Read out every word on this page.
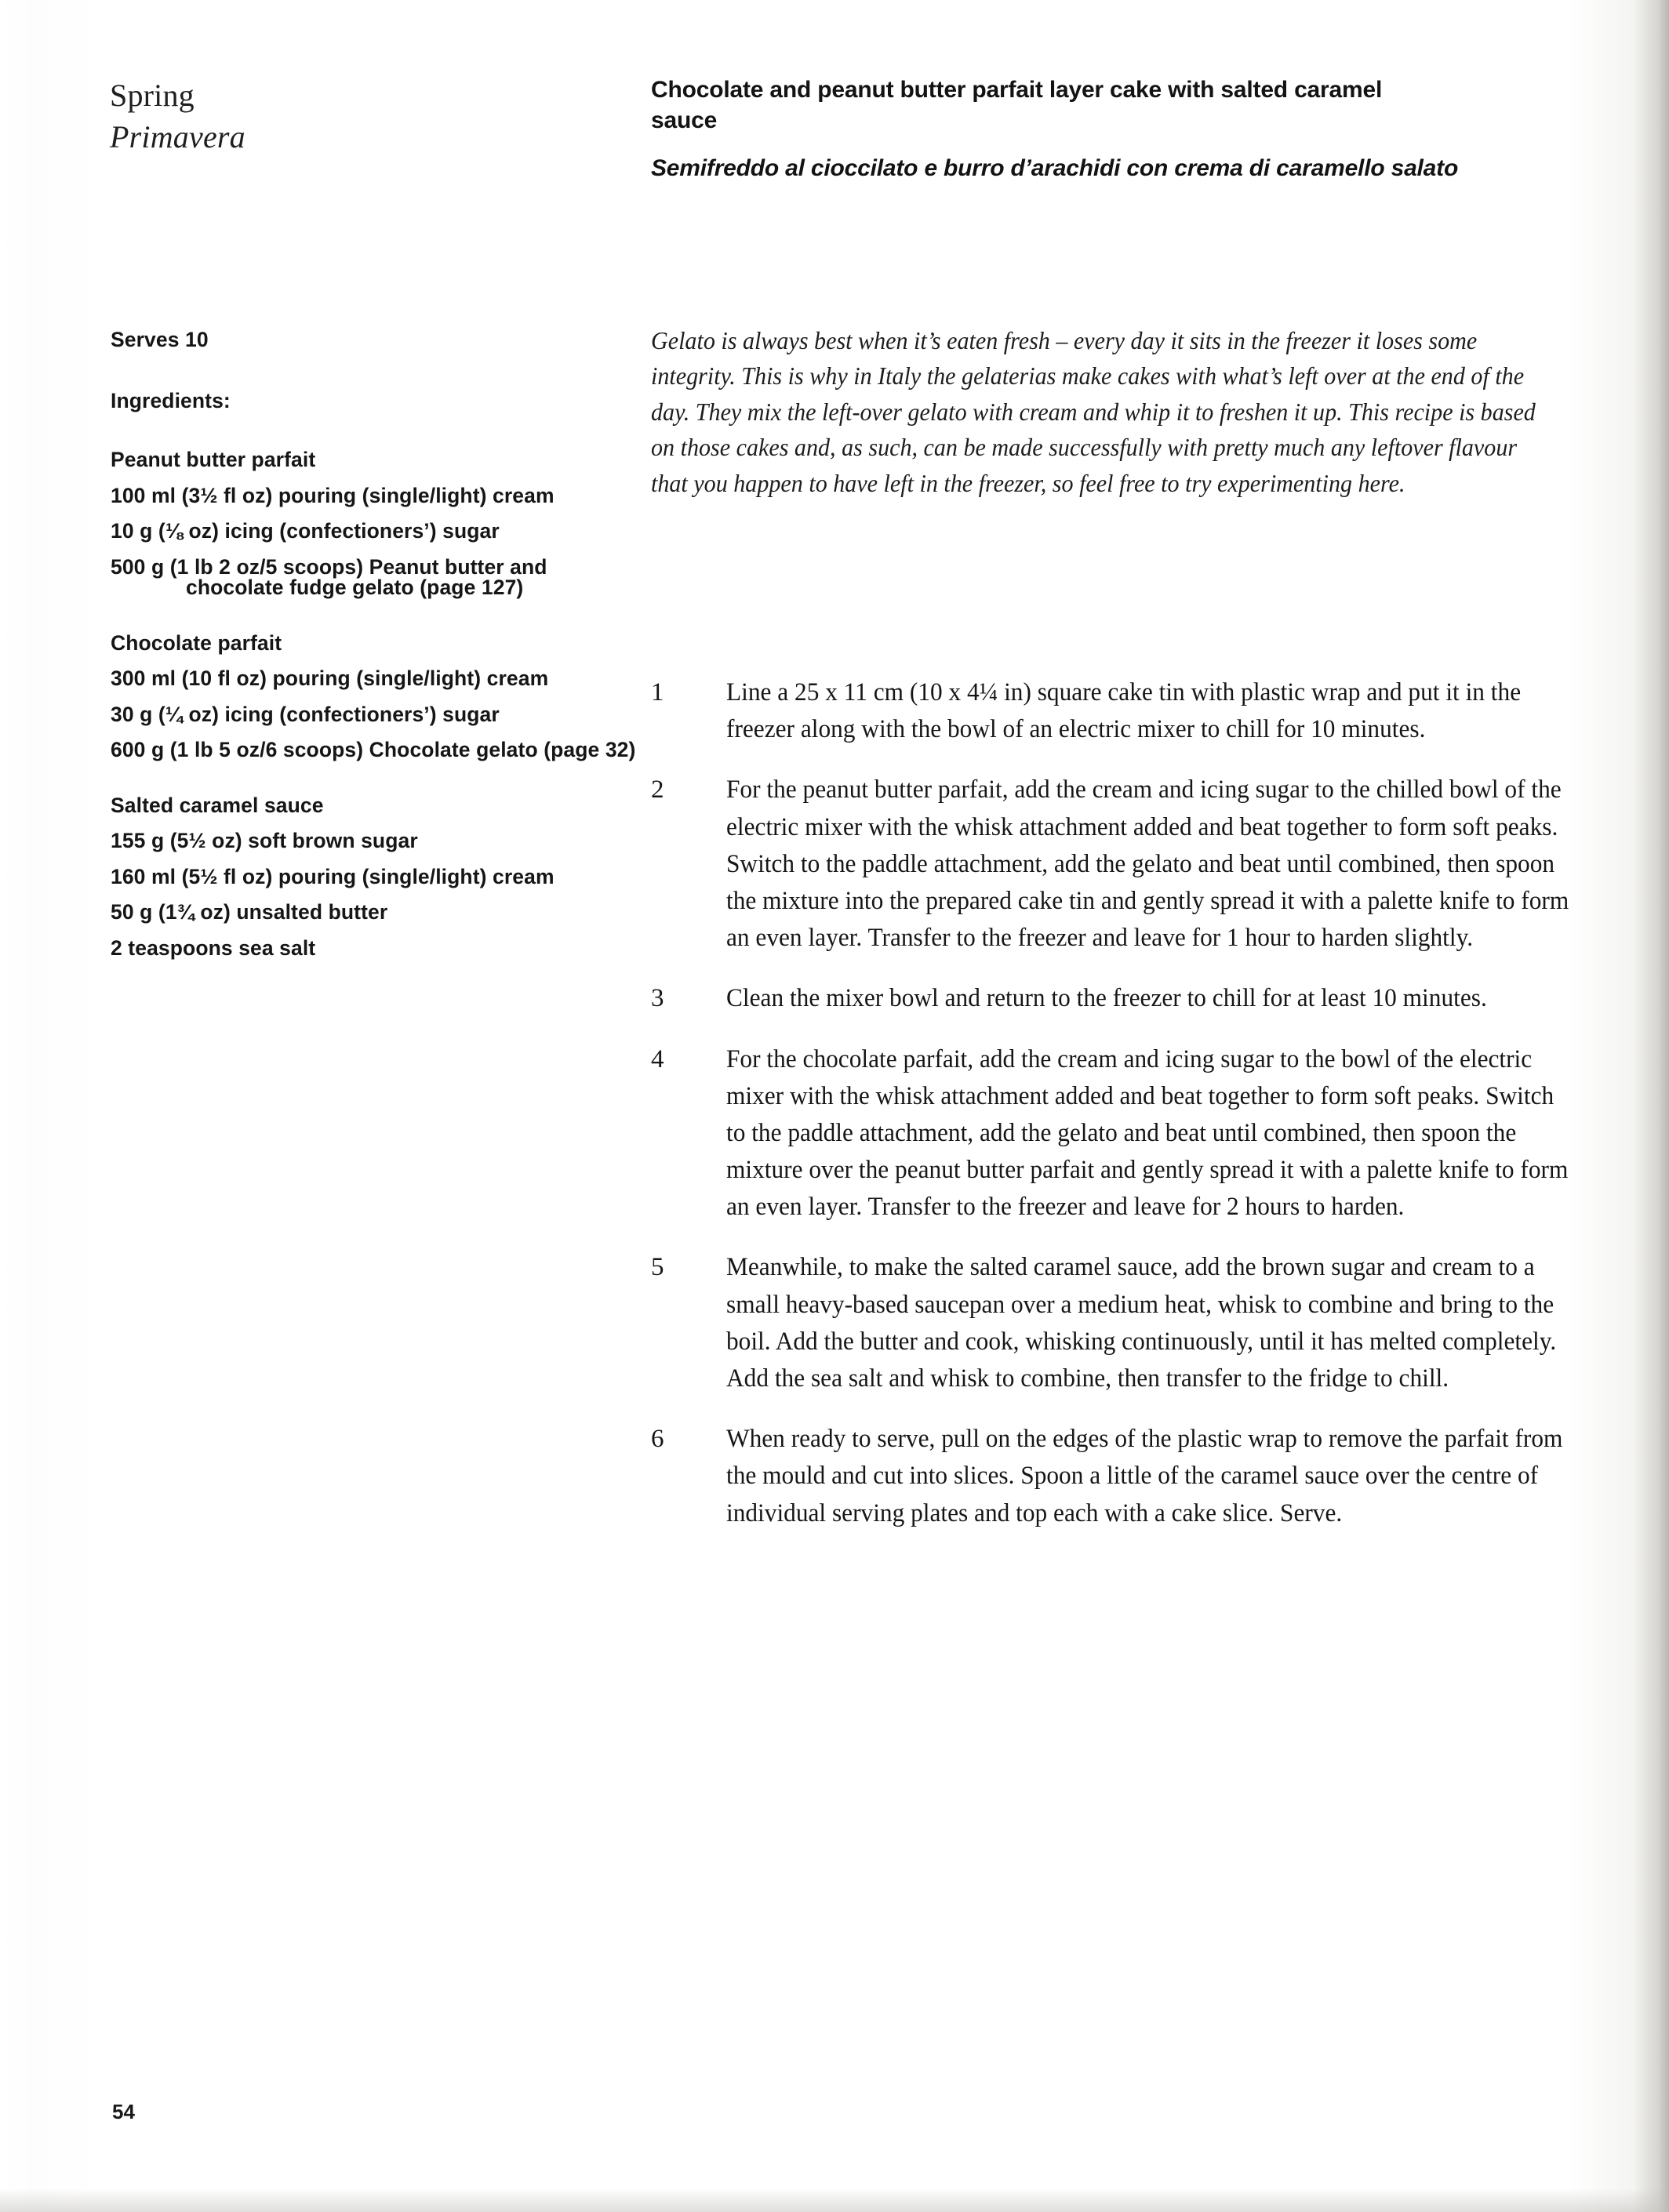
Spring
Primavera
Chocolate and peanut butter parfait layer cake with salted caramel sauce
Semifreddo al cioccilato e burro d’arachidi con crema di caramello salato
Serves 10
Ingredients:
Peanut butter parfait
100 ml (3½ fl oz) pouring (single/light) cream
10 g (⅛ oz) icing (confectioners’) sugar
500 g (1 lb 2 oz/5 scoops) Peanut butter and chocolate fudge gelato (page 127)
Chocolate parfait
300 ml (10 fl oz) pouring (single/light) cream
30 g (¼ oz) icing (confectioners’) sugar
600 g (1 lb 5 oz/6 scoops) Chocolate gelato (page 32)
Salted caramel sauce
155 g (5½ oz) soft brown sugar
160 ml (5½ fl oz) pouring (single/light) cream
50 g (1¾ oz) unsalted butter
2 teaspoons sea salt
Gelato is always best when it’s eaten fresh – every day it sits in the freezer it loses some integrity. This is why in Italy the gelaterias make cakes with what’s left over at the end of the day. They mix the left-over gelato with cream and whip it to freshen it up. This recipe is based on those cakes and, as such, can be made successfully with pretty much any leftover flavour that you happen to have left in the freezer, so feel free to try experimenting here.
1	Line a 25 x 11 cm (10 x 4¼ in) square cake tin with plastic wrap and put it in the freezer along with the bowl of an electric mixer to chill for 10 minutes.
2	For the peanut butter parfait, add the cream and icing sugar to the chilled bowl of the electric mixer with the whisk attachment added and beat together to form soft peaks. Switch to the paddle attachment, add the gelato and beat until combined, then spoon the mixture into the prepared cake tin and gently spread it with a palette knife to form an even layer. Transfer to the freezer and leave for 1 hour to harden slightly.
3	Clean the mixer bowl and return to the freezer to chill for at least 10 minutes.
4	For the chocolate parfait, add the cream and icing sugar to the bowl of the electric mixer with the whisk attachment added and beat together to form soft peaks. Switch to the paddle attachment, add the gelato and beat until combined, then spoon the mixture over the peanut butter parfait and gently spread it with a palette knife to form an even layer. Transfer to the freezer and leave for 2 hours to harden.
5	Meanwhile, to make the salted caramel sauce, add the brown sugar and cream to a small heavy-based saucepan over a medium heat, whisk to combine and bring to the boil. Add the butter and cook, whisking continuously, until it has melted completely. Add the sea salt and whisk to combine, then transfer to the fridge to chill.
6	When ready to serve, pull on the edges of the plastic wrap to remove the parfait from the mould and cut into slices. Spoon a little of the caramel sauce over the centre of individual serving plates and top each with a cake slice. Serve.
54
